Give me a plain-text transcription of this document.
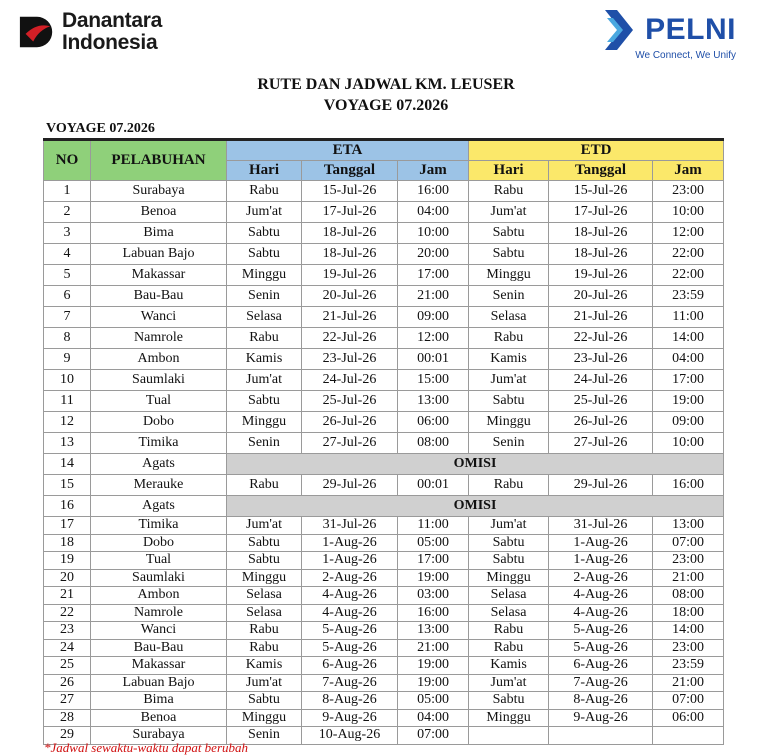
Danantara
Indonesia	PELNI
We Connect, We Unify
RUTE DAN JADWAL KM. LEUSER
VOYAGE 07.2026
VOYAGE 07.2026
NO	PELABUHAN	ETA			ETD		
		Hari	Tanggal	Jam	Hari	Tanggal	Jam
1	Surabaya	Rabu	15-Jul-26	16:00	Rabu	15-Jul-26	23:00
2	Benoa	Jum'at	17-Jul-26	04:00	Jum'at	17-Jul-26	10:00
3	Bima	Sabtu	18-Jul-26	10:00	Sabtu	18-Jul-26	12:00
4	Labuan Bajo	Sabtu	18-Jul-26	20:00	Sabtu	18-Jul-26	22:00
5	Makassar	Minggu	19-Jul-26	17:00	Minggu	19-Jul-26	22:00
6	Bau-Bau	Senin	20-Jul-26	21:00	Senin	20-Jul-26	23:59
7	Wanci	Selasa	21-Jul-26	09:00	Selasa	21-Jul-26	11:00
8	Namrole	Rabu	22-Jul-26	12:00	Rabu	22-Jul-26	14:00
9	Ambon	Kamis	23-Jul-26	00:01	Kamis	23-Jul-26	04:00
10	Saumlaki	Jum'at	24-Jul-26	15:00	Jum'at	24-Jul-26	17:00
11	Tual	Sabtu	25-Jul-26	13:00	Sabtu	25-Jul-26	19:00
12	Dobo	Minggu	26-Jul-26	06:00	Minggu	26-Jul-26	09:00
13	Timika	Senin	27-Jul-26	08:00	Senin	27-Jul-26	10:00
14	Agats	OMISI					
15	Merauke	Rabu	29-Jul-26	00:01	Rabu	29-Jul-26	16:00
16	Agats	OMISI					
17	Timika	Jum'at	31-Jul-26	11:00	Jum'at	31-Jul-26	13:00
18	Dobo	Sabtu	1-Aug-26	05:00	Sabtu	1-Aug-26	07:00
19	Tual	Sabtu	1-Aug-26	17:00	Sabtu	1-Aug-26	23:00
20	Saumlaki	Minggu	2-Aug-26	19:00	Minggu	2-Aug-26	21:00
21	Ambon	Selasa	4-Aug-26	03:00	Selasa	4-Aug-26	08:00
22	Namrole	Selasa	4-Aug-26	16:00	Selasa	4-Aug-26	18:00
23	Wanci	Rabu	5-Aug-26	13:00	Rabu	5-Aug-26	14:00
24	Bau-Bau	Rabu	5-Aug-26	21:00	Rabu	5-Aug-26	23:00
25	Makassar	Kamis	6-Aug-26	19:00	Kamis	6-Aug-26	23:59
26	Labuan Bajo	Jum'at	7-Aug-26	19:00	Jum'at	7-Aug-26	21:00
27	Bima	Sabtu	8-Aug-26	05:00	Sabtu	8-Aug-26	07:00
28	Benoa	Minggu	9-Aug-26	04:00	Minggu	9-Aug-26	06:00
29	Surabaya	Senin	10-Aug-26	07:00			
*Jadwal sewaktu-waktu dapat berubah
